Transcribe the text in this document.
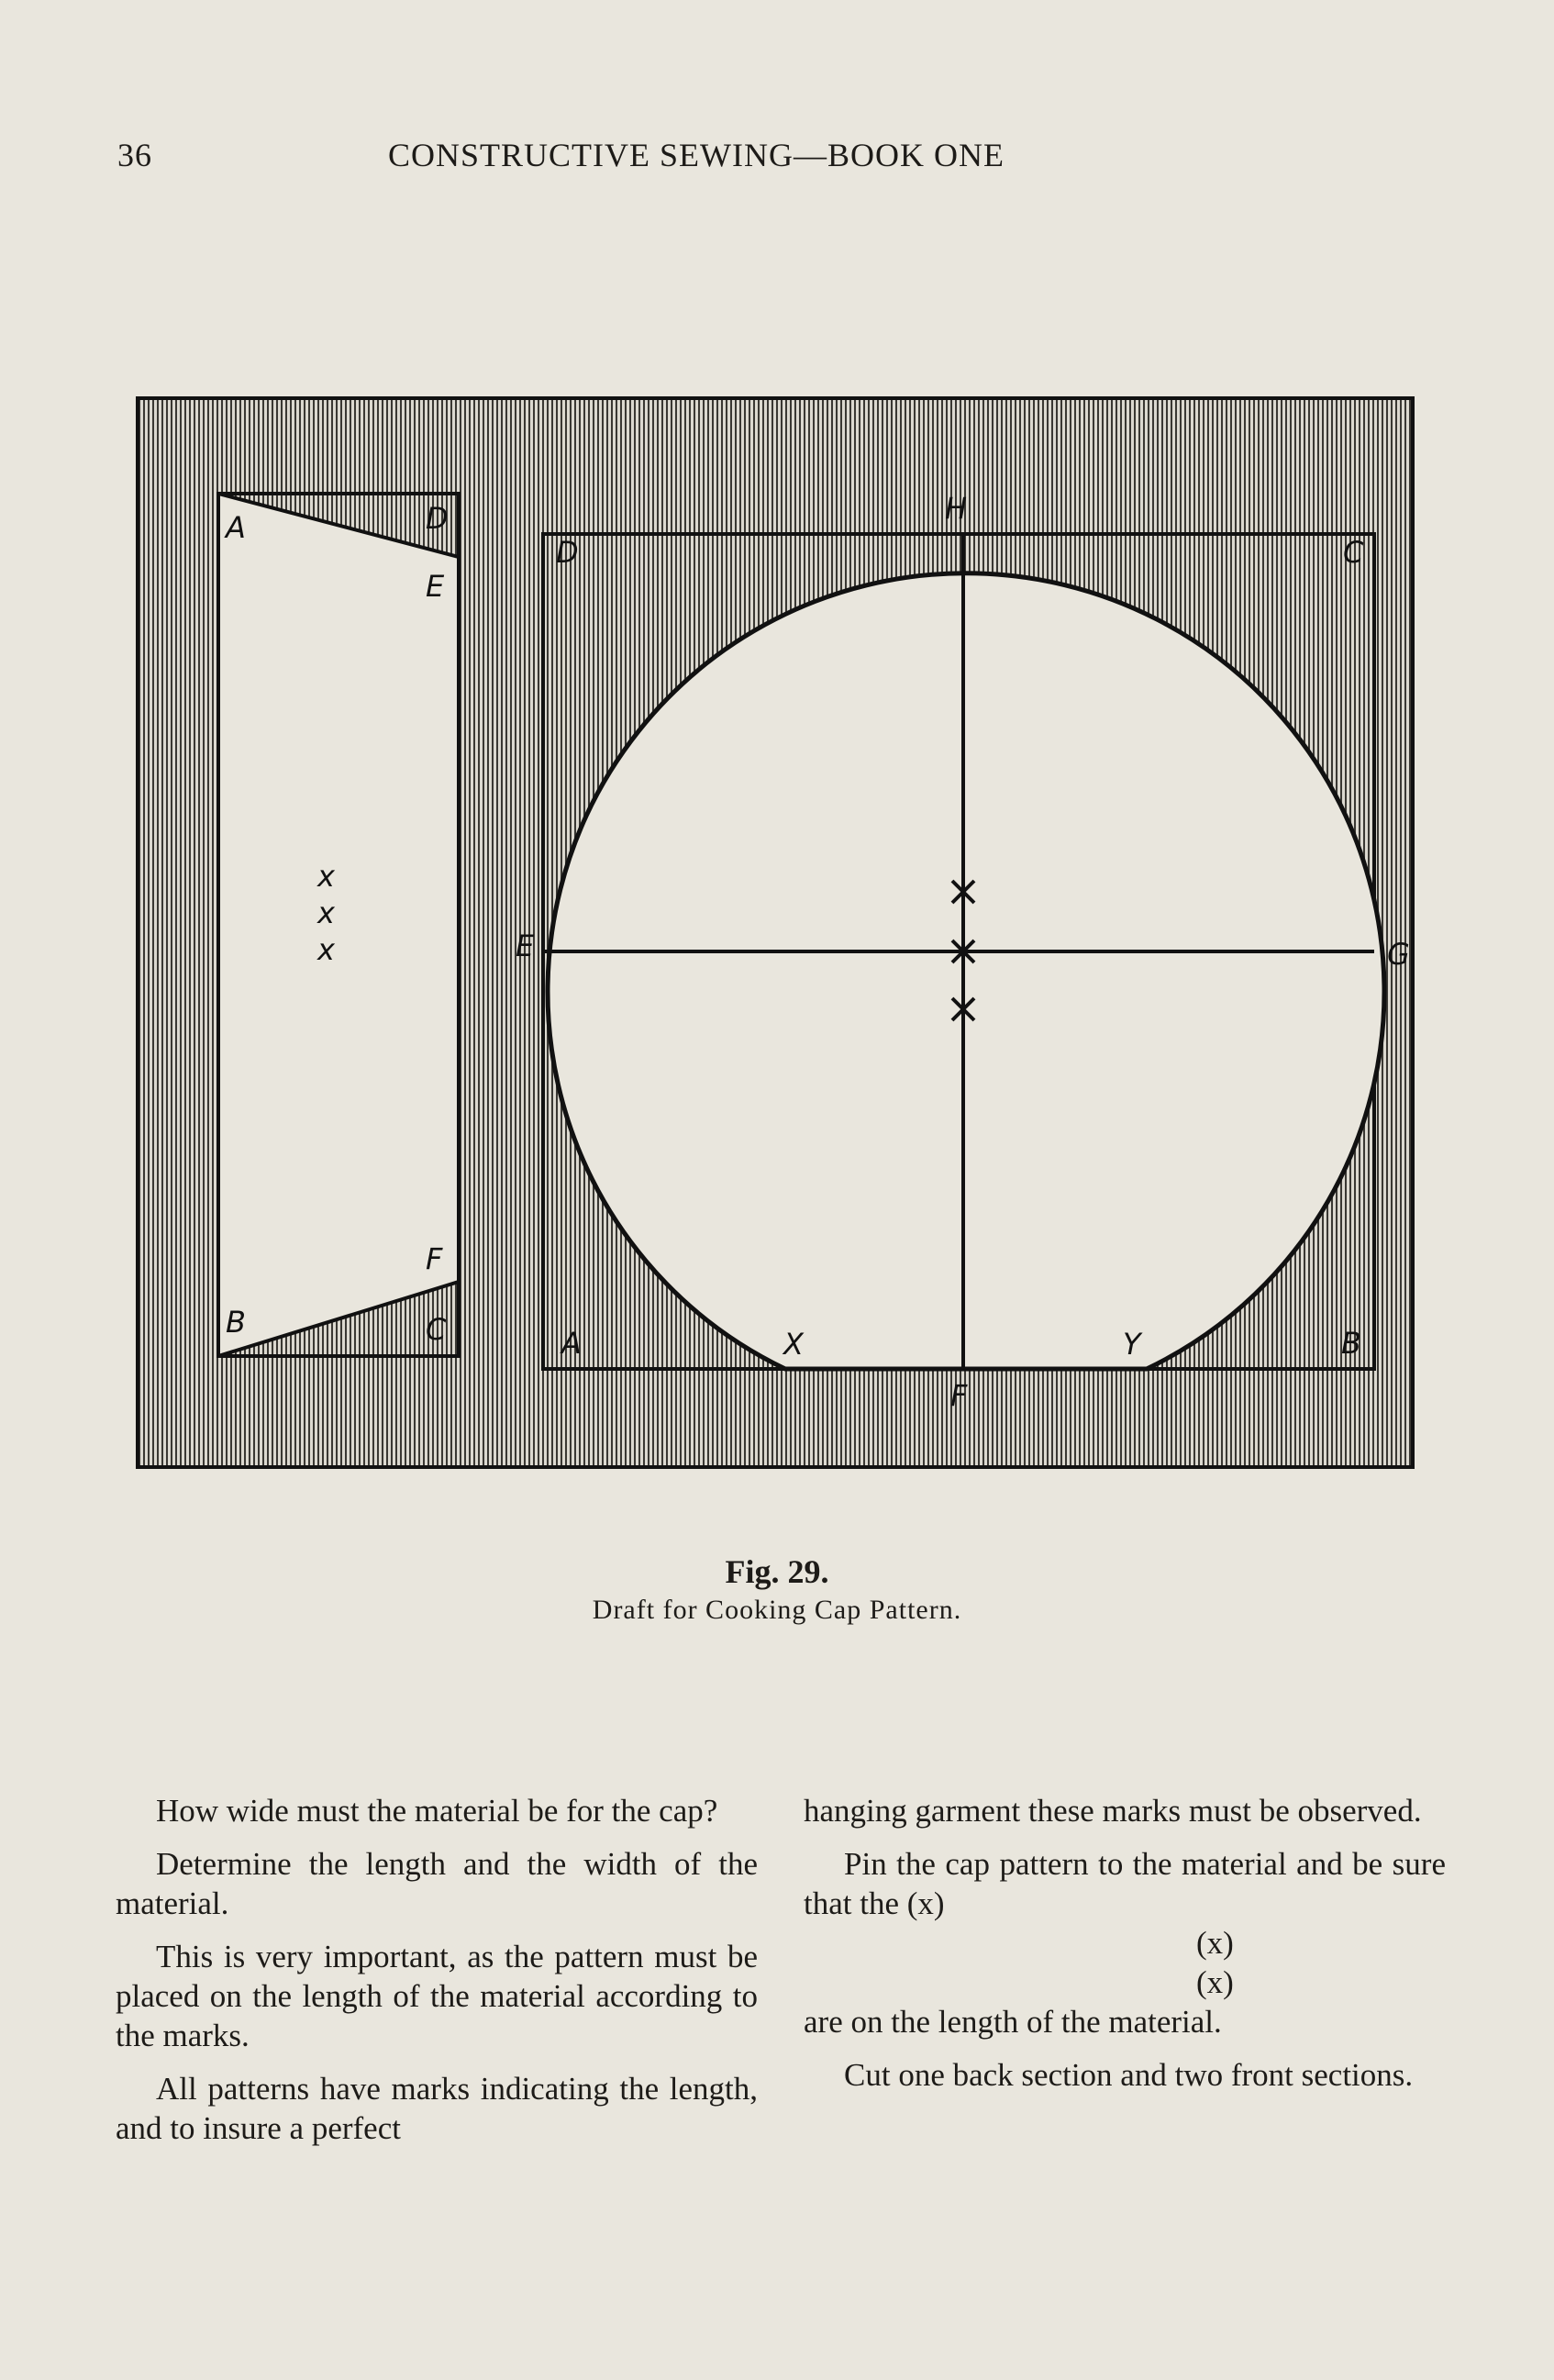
36	CONSTRUCTIVE SEWING—BOOK ONE
A	D
E
x
x
x
F
B	C
H
D	C
E	G
A	X	Y	B
F
Fig. 29.
Draft for Cooking Cap Pattern.

How wide must the material be for the cap?

Determine the length and the width of the material.

This is very important, as the pattern must be placed on the length of the material according to the marks.

All patterns have marks indicating the length, and to insure a perfect

hanging garment these marks must be observed.

Pin the cap pattern to the material and be sure that the (x)

(x)
(x)

are on the length of the material.

Cut one back section and two front sections.
